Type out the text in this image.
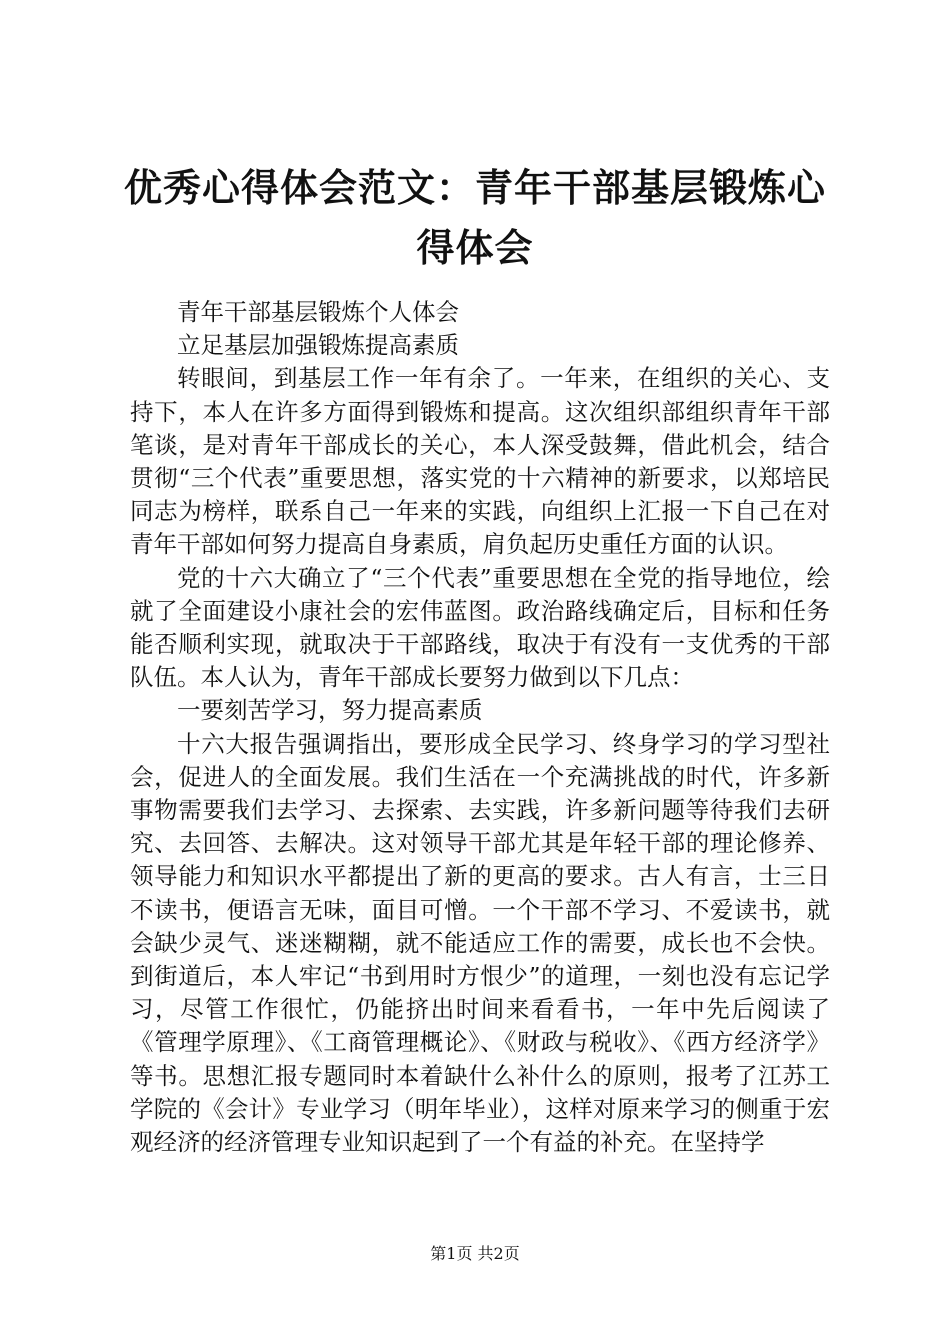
优秀心得体会范文：青年干部基层锻炼心得体会

青年干部基层锻炼个人体会

立足基层加强锻炼提高素质

转眼间，到基层工作一年有余了。一年来，在组织的关心、支持下，本人在许多方面得到锻炼和提高。这次组织部组织青年干部笔谈，是对青年干部成长的关心，本人深受鼓舞，借此机会，结合贯彻“三个代表”重要思想，落实党的十六精神的新要求，以郑培民同志为榜样，联系自己一年来的实践，向组织上汇报一下自己在对青年干部如何努力提高自身素质，肩负起历史重任方面的认识。

党的十六大确立了“三个代表”重要思想在全党的指导地位，绘就了全面建设小康社会的宏伟蓝图。政治路线确定后，目标和任务能否顺利实现，就取决于干部路线，取决于有没有一支优秀的干部队伍。本人认为，青年干部成长要努力做到以下几点：

一要刻苦学习，努力提高素质

十六大报告强调指出，要形成全民学习、终身学习的学习型社会，促进人的全面发展。我们生活在一个充满挑战的时代，许多新事物需要我们去学习、去探索、去实践，许多新问题等待我们去研究、去回答、去解决。这对领导干部尤其是年轻干部的理论修养、领导能力和知识水平都提出了新的更高的要求。古人有言，士三日不读书，便语言无味，面目可憎。一个干部不学习、不爱读书，就会缺少灵气、迷迷糊糊，就不能适应工作的需要，成长也不会快。到街道后，本人牢记“书到用时方恨少”的道理，一刻也没有忘记学习，尽管工作很忙，仍能挤出时间来看看书，一年中先后阅读了《管理学原理》、《工商管理概论》、《财政与税收》、《西方经济学》等书。思想汇报专题同时本着缺什么补什么的原则，报考了江苏工学院的《会计》专业学习（明年毕业），这样对原来学习的侧重于宏观经济的经济管理专业知识起到了一个有益的补充。在坚持学

第1页 共2页
